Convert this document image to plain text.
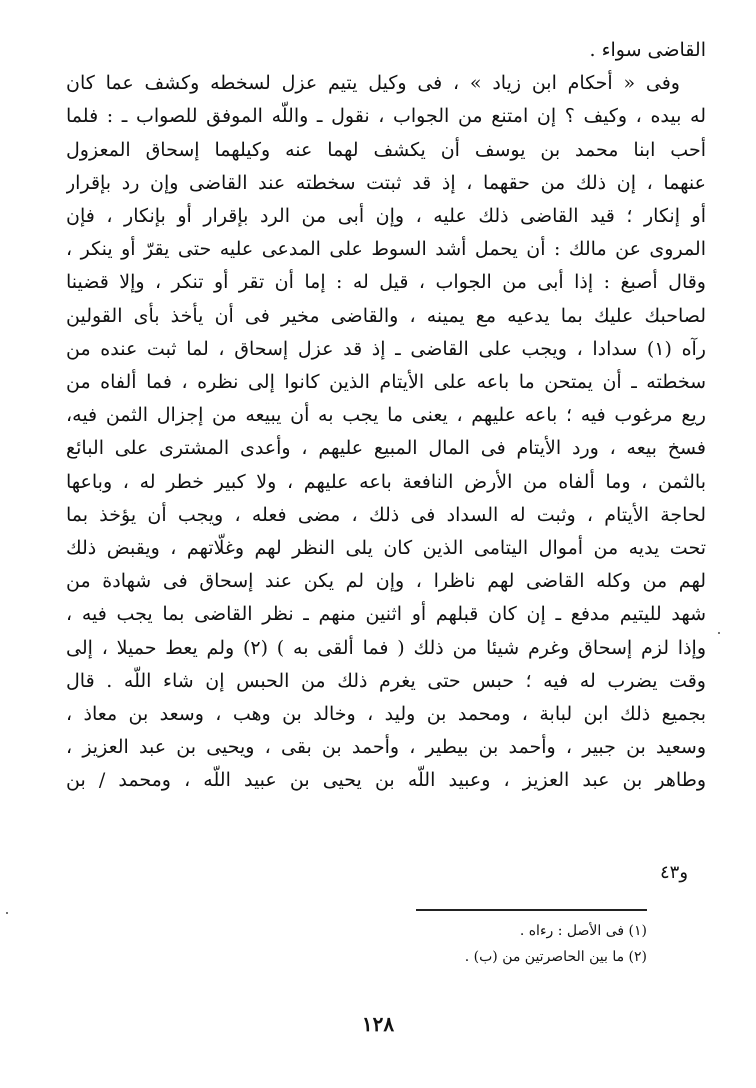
القاضى سواء .
وفى « أحكام ابن زياد » ، فى وكيل يتيم عزل لسخطه وكشف عما كان
له بيده ، وكيف ؟ إن امتنع من الجواب ، نقول ـ واللّه الموفق للصواب ـ : فلما
أحب ابنا محمد بن يوسف أن يكشف لهما عنه وكيلهما إسحاق المعزول
عنهما ، إن ذلك من حقهما ، إذ قد ثبتت سخطته عند القاضى وإن رد بإقرار
أو إنكار ؛ قيد القاضى ذلك عليه ، وإن أبى من الرد بإقرار أو بإنكار ، فإن
المروى عن مالك : أن يحمل أشد السوط على المدعى عليه حتى يقرّ أو ينكر ،
وقال أصبغ : إذا أبى من الجواب ، قيل له : إما أن تقر أو تنكر ، وإلا قضينا
لصاحبك عليك بما يدعيه مع يمينه ، والقاضى مخير فى أن يأخذ بأى القولين
رآه (١) سدادا ، ويجب على القاضى ـ إذ قد عزل إسحاق ، لما ثبت عنده من
سخطته ـ أن يمتحن ما باعه على الأيتام الذين كانوا إلى نظره ، فما ألفاه من
ريع مرغوب فيه ؛ باعه عليهم ، يعنى ما يجب به أن يبيعه من إجزال الثمن فيه،
فسخ بيعه ، ورد الأيتام فى المال المبيع عليهم ، وأعدى المشترى على البائع
بالثمن ، وما ألفاه من الأرض النافعة باعه عليهم ، ولا كبير خطر له ، وباعها
لحاجة الأيتام ، وثبت له السداد فى ذلك ، مضى فعله ، ويجب أن يؤخذ بما
تحت يديه من أموال اليتامى الذين كان يلى النظر لهم وغلّاتهم ، ويقبض ذلك
لهم من وكله القاضى لهم ناظرا ، وإن لم يكن عند إسحاق فى شهادة من
شهد لليتيم مدفع ـ إن كان قبلهم أو اثنين منهم ـ نظر القاضى بما يجب فيه ،
وإذا لزم إسحاق وغرم شيئا من ذلك ( فما ألقى به ) (٢) ولم يعط حميلا ، إلى
وقت يضرب له فيه ؛ حبس حتى يغرم ذلك من الحبس إن شاء اللّه . قال
بجميع ذلك ابن لبابة ، ومحمد بن وليد ، وخالد بن وهب ، وسعد بن معاذ ،
وسعيد بن جبير ، وأحمد بن بيطير ، وأحمد بن بقى ، ويحيى بن عبد العزيز ،
وطاهر بن عبد العزيز ، وعبيد اللّه بن يحيى بن عبيد اللّه ، ومحمد / بن
و٤٣
(١) فى الأصل : رءاه .
(٢) ما بين الحاصرتين من (ب) .
١٢٨
